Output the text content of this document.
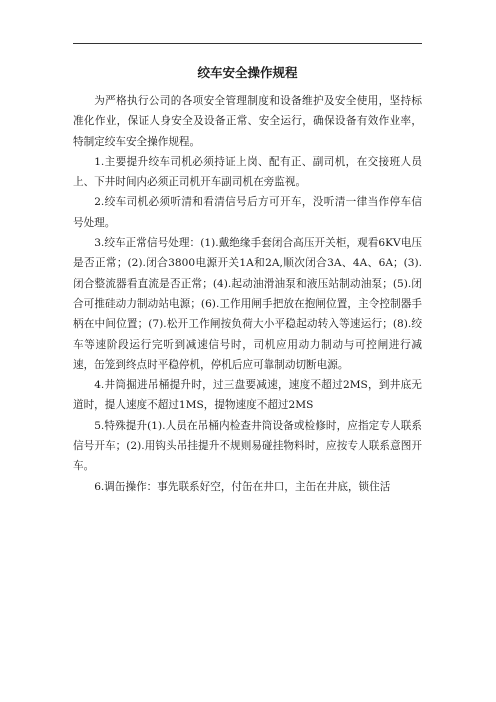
绞车安全操作规程

为严格执行公司的各项安全管理制度和设备维护及安全使用，坚持标准化作业，保证人身安全及设备正常、安全运行，确保设备有效作业率，特制定绞车安全操作规程。

1.主要提升绞车司机必须持证上岗、配有正、副司机，在交接班人员上、下井时间内必须正司机开车副司机在旁监视。

2.绞车司机必须听清和看清信号后方可开车，没听清一律当作停车信号处理。

3.绞车正常信号处理：(1).戴绝缘手套闭合高压开关柜，观看6KV电压是否正常；(2).闭合3800电源开关1A和2A,顺次闭合3A、4A、6A；(3).闭合整流器看直流是否正常；(4).起动油滑油泵和液压站制动油泵；(5).闭合可推硅动力制动站电源；(6).工作用闸手把放在抱闸位置，主令控制器手柄在中间位置；(7).松开工作闸按负荷大小平稳起动转入等速运行；(8).绞车等速阶段运行完听到减速信号时，司机应用动力制动与可控闸进行减速，缶笼到终点时平稳停机，停机后应可靠制动切断电源。

4.井筒掘进吊桶提升时，过三盘要减速，速度不超过2MS，到井底无道时，提人速度不超过1MS，提物速度不超过2MS

5.特殊提升(1).人员在吊桶内检查井筒设备或检修时，应指定专人联系信号开车；(2).用钩头吊挂提升不规则易碰挂物料时，应按专人联系意图开车。

6.调缶操作：事先联系好空，付缶在井口，主缶在井底，锁住活
